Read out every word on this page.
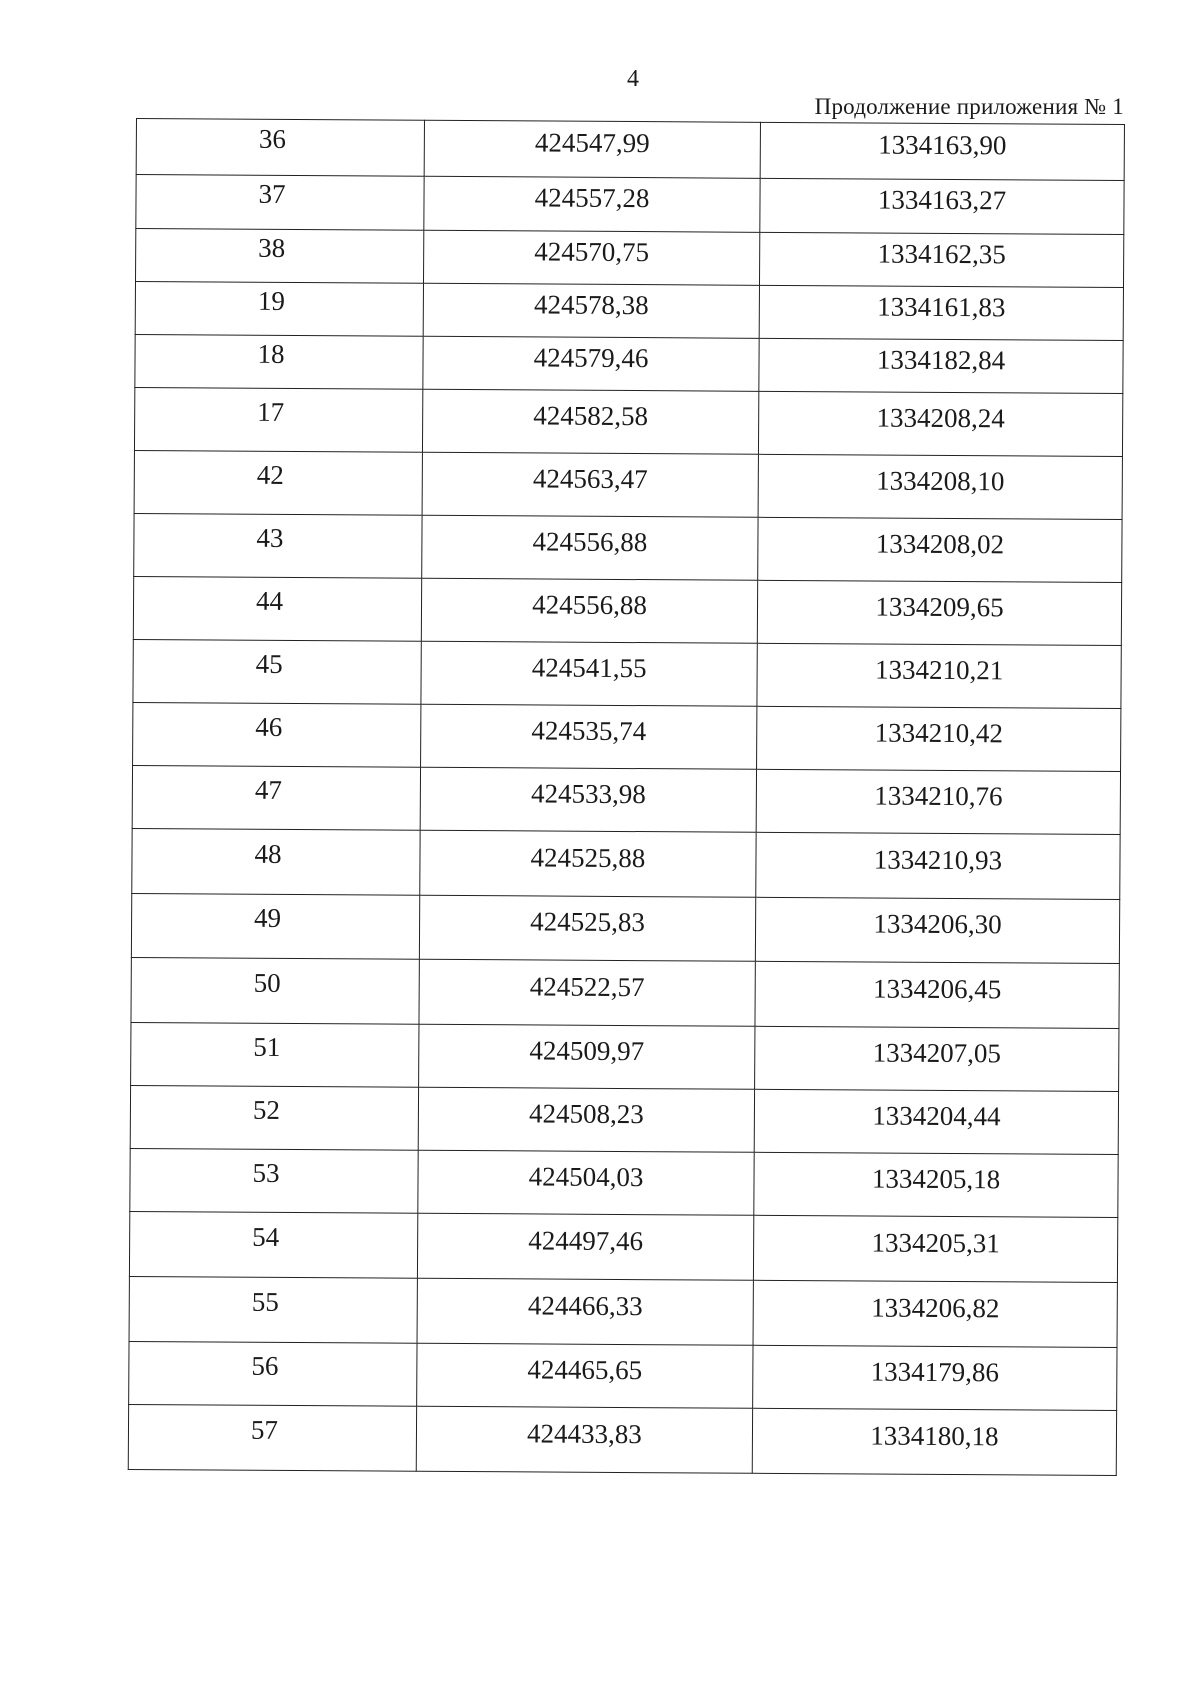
4
Продолжение приложения № 1
36	424547,99	1334163,90
37	424557,28	1334163,27
38	424570,75	1334162,35
19	424578,38	1334161,83
18	424579,46	1334182,84
17	424582,58	1334208,24
42	424563,47	1334208,10
43	424556,88	1334208,02
44	424556,88	1334209,65
45	424541,55	1334210,21
46	424535,74	1334210,42
47	424533,98	1334210,76
48	424525,88	1334210,93
49	424525,83	1334206,30
50	424522,57	1334206,45
51	424509,97	1334207,05
52	424508,23	1334204,44
53	424504,03	1334205,18
54	424497,46	1334205,31
55	424466,33	1334206,82
56	424465,65	1334179,86
57	424433,83	1334180,18
